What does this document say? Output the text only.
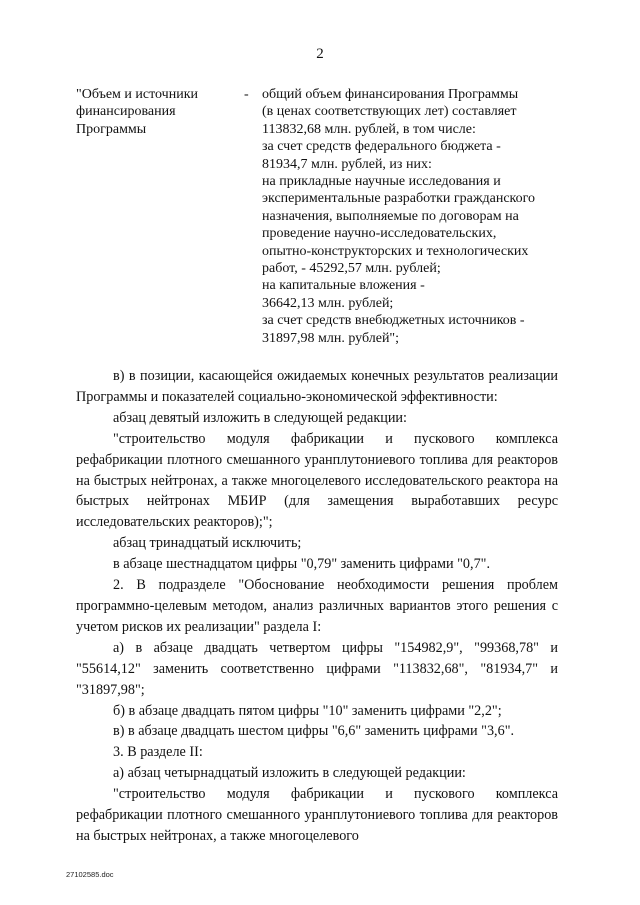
2
"Объем и источники финансирования Программы
- общий объем финансирования Программы
(в ценах соответствующих лет) составляет
113832,68 млн. рублей, в том числе:
за счет средств федерального бюджета -
81934,7 млн. рублей, из них:
на прикладные научные исследования и
экспериментальные разработки гражданского
назначения, выполняемые по договорам на
проведение научно-исследовательских,
опытно-конструкторских и технологических
работ, - 45292,57 млн. рублей;
на капитальные вложения -
36642,13 млн. рублей;
за счет средств внебюджетных источников -
31897,98 млн. рублей";

в) в позиции, касающейся ожидаемых конечных результатов реализации Программы и показателей социально-экономической эффективности:

абзац девятый изложить в следующей редакции:

"строительство модуля фабрикации и пускового комплекса рефабрикации плотного смешанного уранплутониевого топлива для реакторов на быстрых нейтронах, а также многоцелевого исследовательского реактора на быстрых нейтронах МБИР (для замещения выработавших ресурс исследовательских реакторов);";

абзац тринадцатый исключить;

в абзаце шестнадцатом цифры "0,79" заменить цифрами "0,7".

2. В подразделе "Обоснование необходимости решения проблем программно-целевым методом, анализ различных вариантов этого решения с учетом рисков их реализации" раздела I:

а) в абзаце двадцать четвертом цифры "154982,9", "99368,78" и "55614,12" заменить соответственно цифрами "113832,68", "81934,7" и "31897,98";

б) в абзаце двадцать пятом цифры "10" заменить цифрами "2,2";

в) в абзаце двадцать шестом цифры "6,6" заменить цифрами "3,6".

3. В разделе II:

а) абзац четырнадцатый изложить в следующей редакции:

"строительство модуля фабрикации и пускового комплекса рефабрикации плотного смешанного уранплутониевого топлива для реакторов на быстрых нейтронах, а также многоцелевого

27102585.doc
